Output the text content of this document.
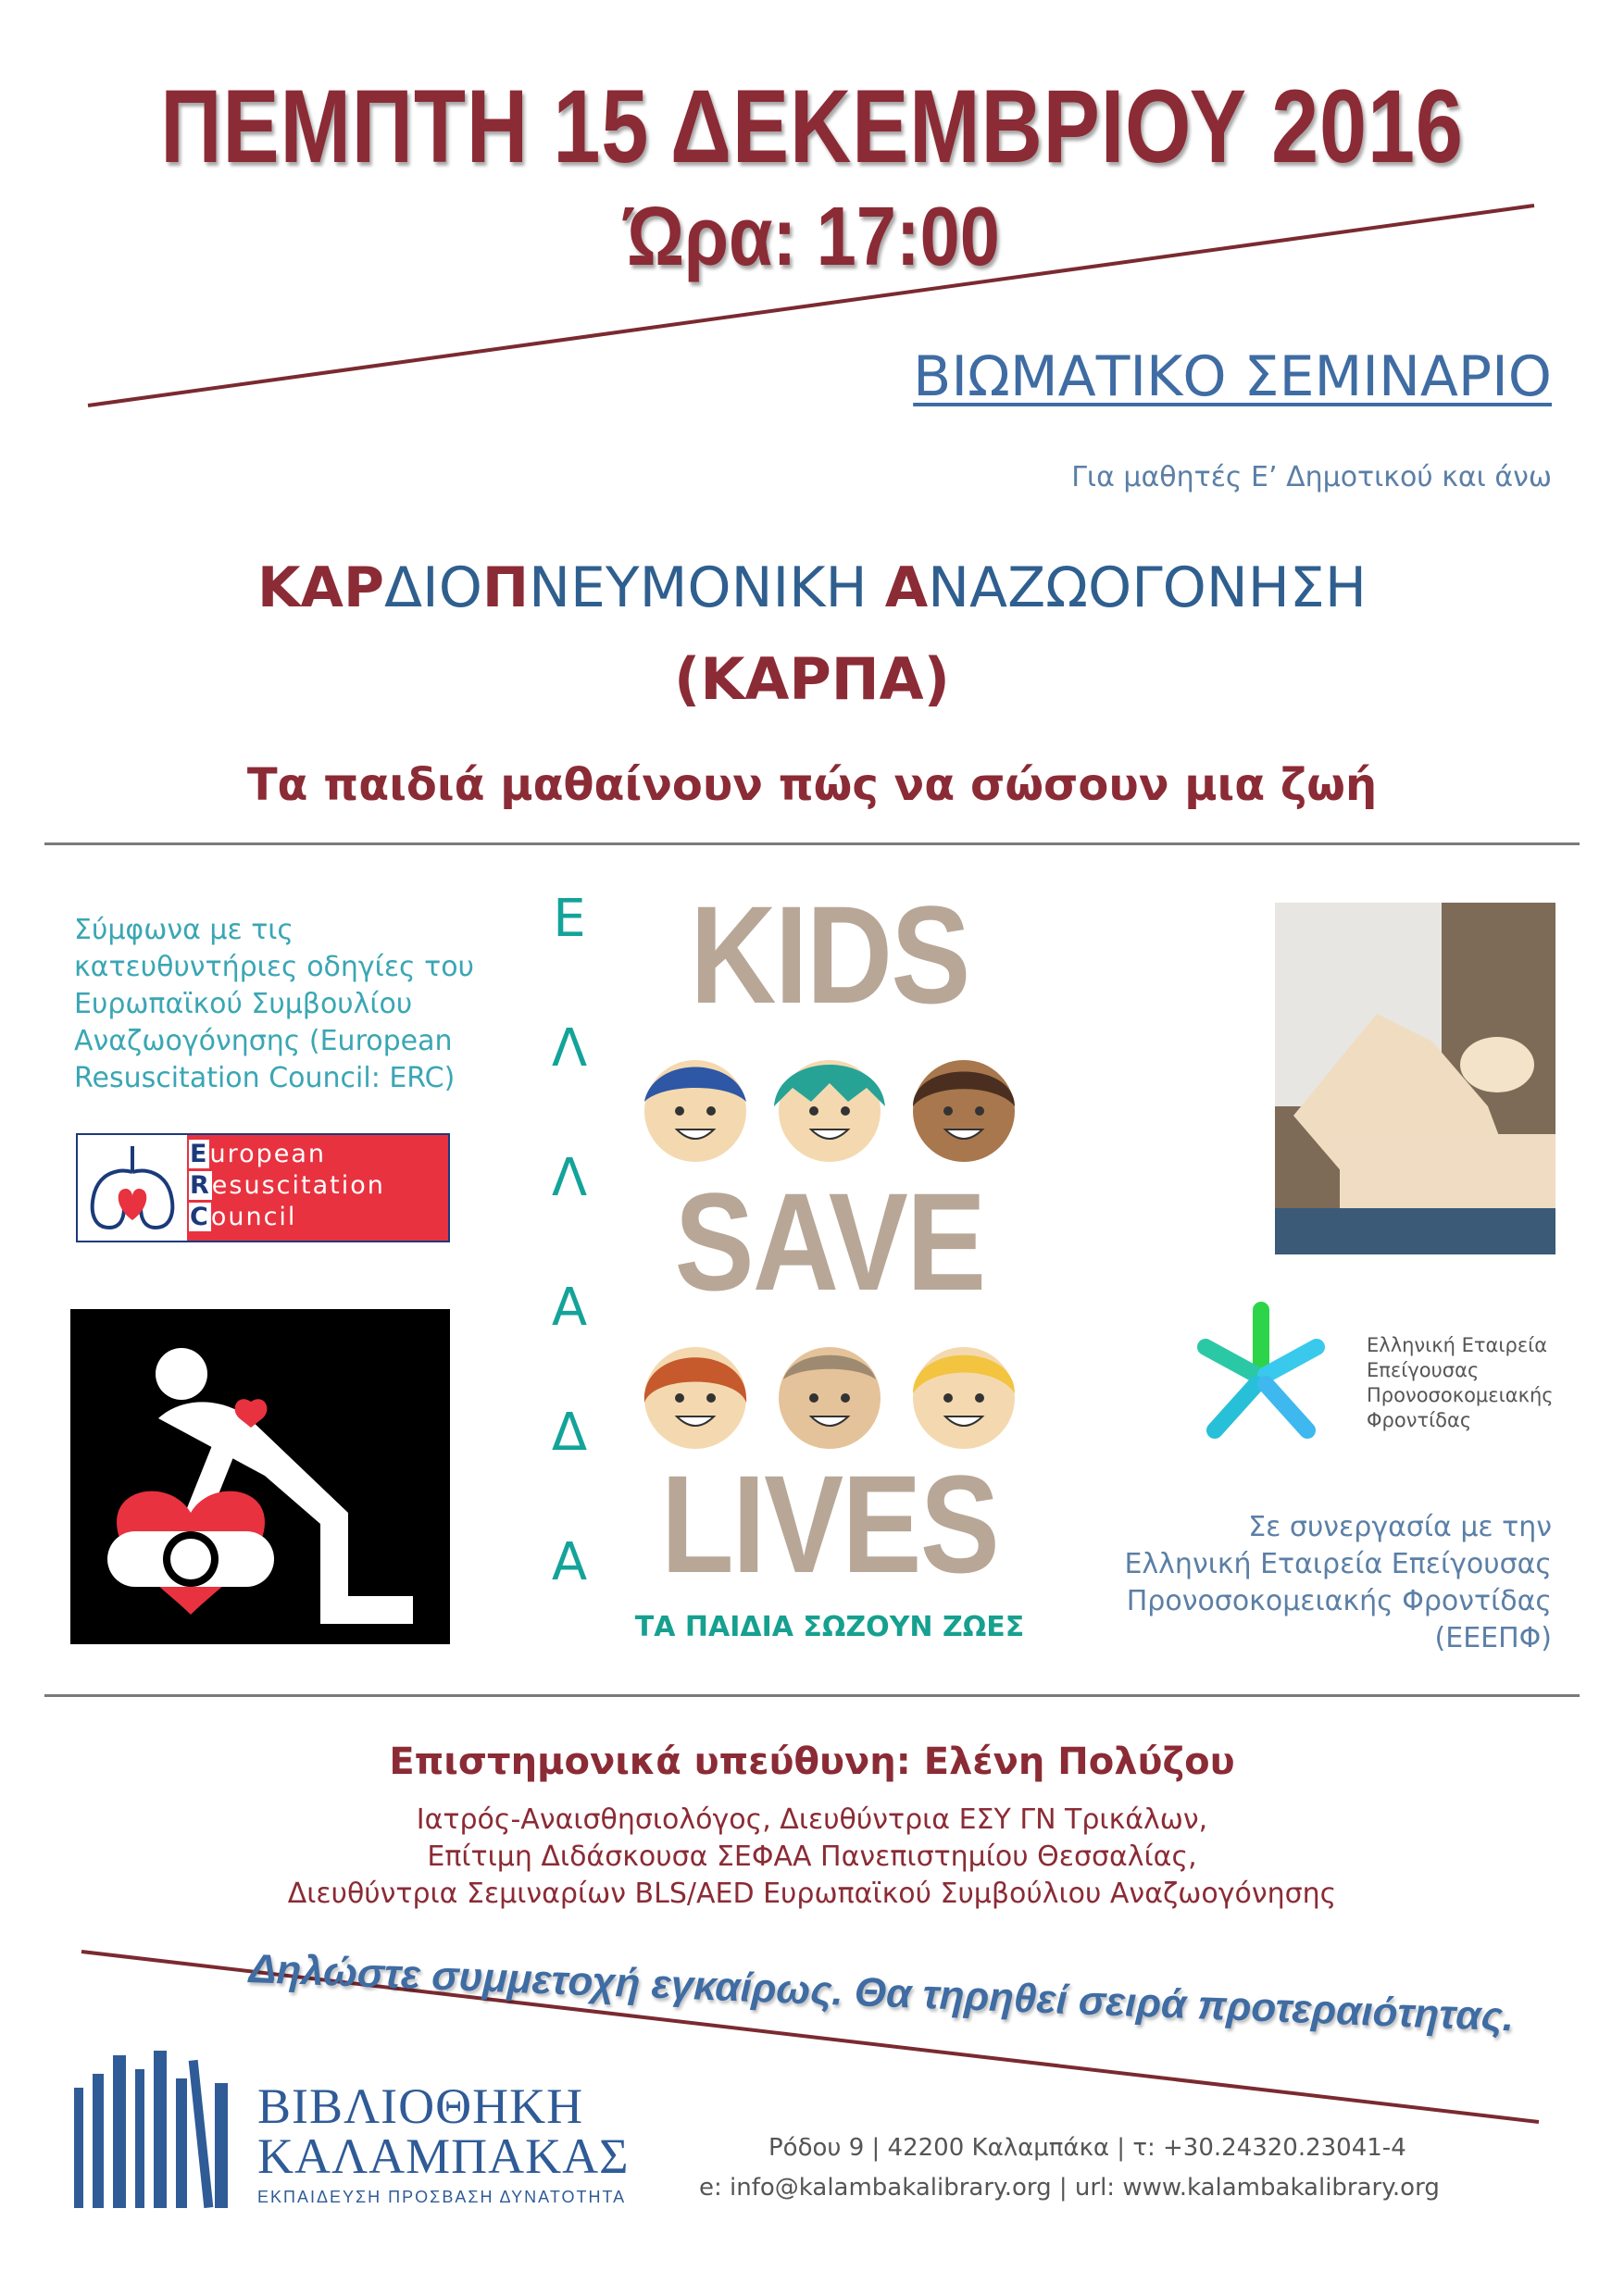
ΠΕΜΠΤΗ 15 ΔΕΚΕΜΒΡΙΟΥ 2016
Ώρα: 17:00
ΒΙΩΜΑΤΙΚΟ ΣΕΜΙΝΑΡΙΟ
Για μαθητές Ε’ Δημοτικού και άνω
ΚΑΡΔΙΟΠΝΕΥΜΟΝΙΚΗ ΑΝΑΖΩΟΓΟΝΗΣΗ
(ΚΑΡΠΑ)
Τα παιδιά μαθαίνουν πώς να σώσουν μια ζωή
Σύμφωνα με τις
κατευθυντήριες οδηγίες του
Ευρωπαϊκού Συμβουλίου
Αναζωογόνησης (European
Resuscitation Council: ERC)
European
Resuscitation
Council
Ε
Λ
Λ
Α
Δ
Α
KIDS
SAVE
LIVES
ΤΑ ΠΑΙΔΙΑ ΣΩΖΟΥΝ ΖΩΕΣ
Ελληνική Εταιρεία
Επείγουσας
Προνοσοκομειακής
Φροντίδας
Σε συνεργασία με την
Ελληνική Εταιρεία Επείγουσας
Προνοσοκομειακής Φροντίδας
(ΕΕΕΠΦ)
Επιστημονικά υπεύθυνη: Ελένη Πολύζου
Ιατρός-Αναισθησιολόγος, Διευθύντρια ΕΣΥ ΓΝ Τρικάλων,
Επίτιμη Διδάσκουσα ΣΕΦΑΑ Πανεπιστημίου Θεσσαλίας,
Διευθύντρια Σεμιναρίων BLS/AED Ευρωπαϊκού Συμβούλιου Αναζωογόνησης
Δηλώστε συμμετοχή εγκαίρως. Θα τηρηθεί σειρά προτεραιότητας.
ΒΙΒΛΙΟΘΗΚΗ
ΚΑΛΑΜΠΑΚΑΣ
ΕΚΠΑΙΔΕΥΣΗ ΠΡΟΣΒΑΣΗ ΔΥΝΑΤΟΤΗΤΑ
Ρόδου 9 | 42200 Καλαμπάκα | τ: +30.24320.23041-4
e: info@kalambakalibrary.org | url: www.kalambakalibrary.org
